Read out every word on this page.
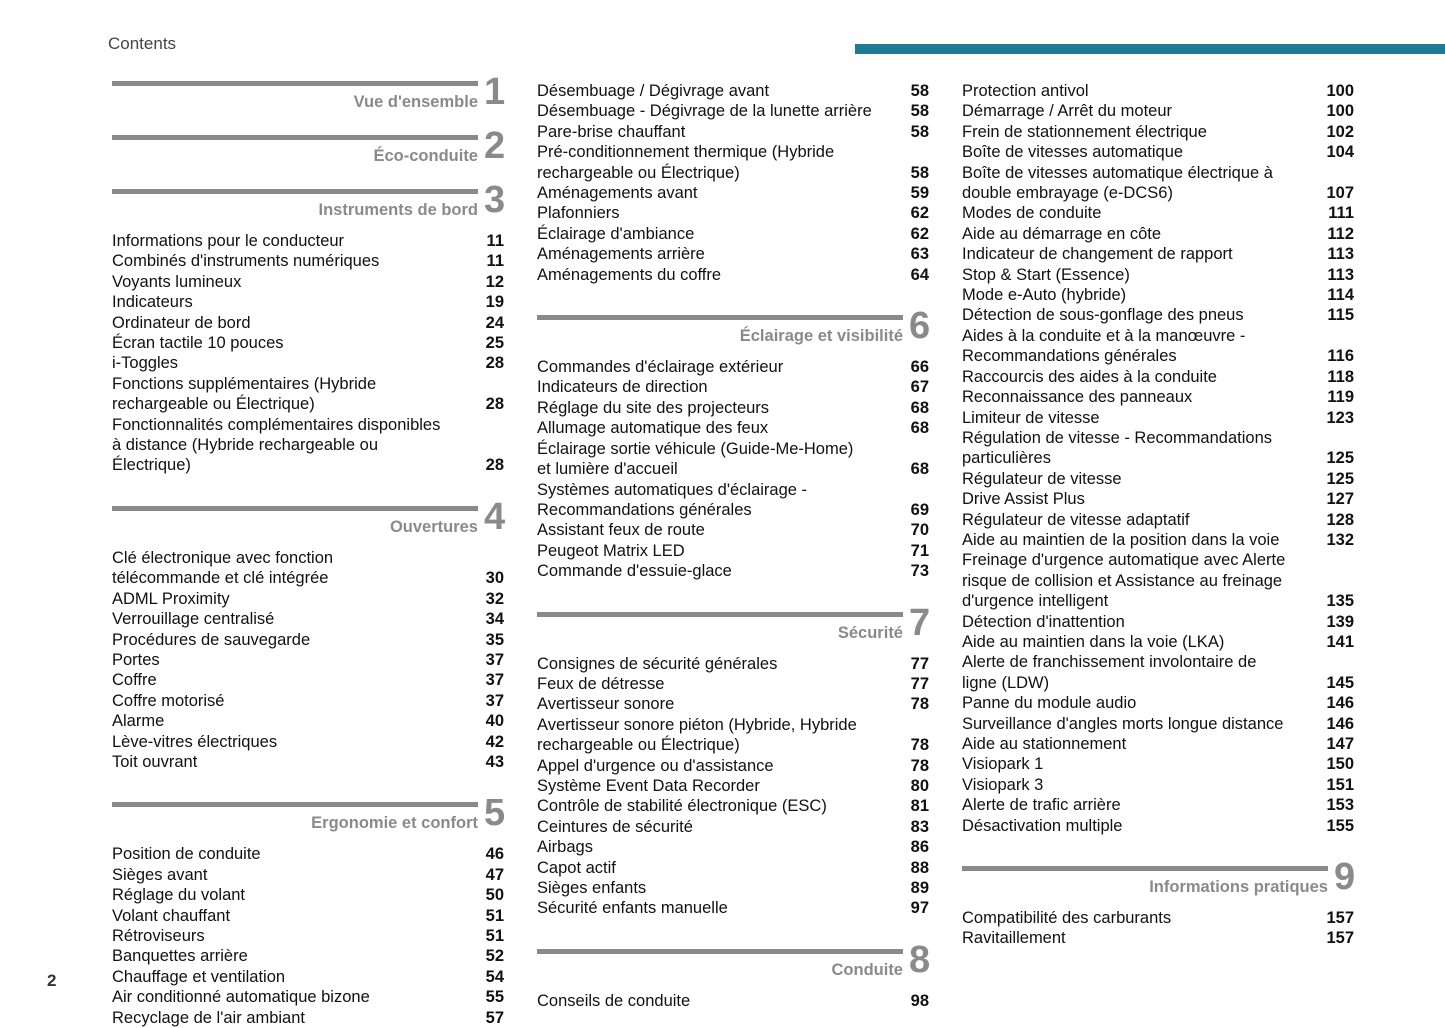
Contents
2
Vue d'ensemble 1
Éco-conduite 2
Instruments de bord 3
Informations pour le conducteur	11
Combinés d'instruments numériques	11
Voyants lumineux	12
Indicateurs	19
Ordinateur de bord	24
Écran tactile 10 pouces	25
i-Toggles	28
Fonctions supplémentaires (Hybride
rechargeable ou Électrique)	28
Fonctionnalités complémentaires disponibles
à distance (Hybride rechargeable ou Électrique)	28
Ouvertures 4
Clé électronique avec fonction
télécommande et clé intégrée	30
ADML Proximity	32
Verrouillage centralisé	34
Procédures de sauvegarde	35
Portes	37
Coffre	37
Coffre motorisé	37
Alarme	40
Lève-vitres électriques	42
Toit ouvrant	43
Ergonomie et confort 5
Position de conduite	46
Sièges avant	47
Réglage du volant	50
Volant chauffant	51
Rétroviseurs	51
Banquettes arrière	52
Chauffage et ventilation	54
Air conditionné automatique bizone	55
Recyclage de l'air ambiant	57
Désembuage / Dégivrage avant	58
Désembuage - Dégivrage de la lunette arrière	58
Pare-brise chauffant	58
Pré-conditionnement thermique (Hybride
rechargeable ou Électrique)	58
Aménagements avant	59
Plafonniers	62
Éclairage d'ambiance	62
Aménagements arrière	63
Aménagements du coffre	64
Éclairage et visibilité 6
Commandes d'éclairage extérieur	66
Indicateurs de direction	67
Réglage du site des projecteurs	68
Allumage automatique des feux	68
Éclairage sortie véhicule (Guide-Me-Home)
et lumière d'accueil	68
Systèmes automatiques d'éclairage -
Recommandations générales	69
Assistant feux de route	70
Peugeot Matrix LED	71
Commande d'essuie-glace	73
Sécurité 7
Consignes de sécurité générales	77
Feux de détresse	77
Avertisseur sonore	78
Avertisseur sonore piéton (Hybride, Hybride
rechargeable ou Électrique)	78
Appel d'urgence ou d'assistance	78
Système Event Data Recorder	80
Contrôle de stabilité électronique (ESC)	81
Ceintures de sécurité	83
Airbags	86
Capot actif	88
Sièges enfants	89
Sécurité enfants manuelle	97
Conduite 8
Conseils de conduite	98
Protection antivol	100
Démarrage / Arrêt du moteur	100
Frein de stationnement électrique	102
Boîte de vitesses automatique	104
Boîte de vitesses automatique électrique à
double embrayage (e-DCS6)	107
Modes de conduite	111
Aide au démarrage en côte	112
Indicateur de changement de rapport	113
Stop & Start (Essence)	113
Mode e-Auto (hybride)	114
Détection de sous-gonflage des pneus	115
Aides à la conduite et à la manœuvre -
Recommandations générales	116
Raccourcis des aides à la conduite	118
Reconnaissance des panneaux	119
Limiteur de vitesse	123
Régulation de vitesse - Recommandations
particulières	125
Régulateur de vitesse	125
Drive Assist Plus	127
Régulateur de vitesse adaptatif	128
Aide au maintien de la position dans la voie	132
Freinage d'urgence automatique avec Alerte
risque de collision et Assistance au freinage
d'urgence intelligent	135
Détection d'inattention	139
Aide au maintien dans la voie (LKA)	141
Alerte de franchissement involontaire de
ligne (LDW)	145
Panne du module audio	146
Surveillance d'angles morts longue distance	146
Aide au stationnement	147
Visiopark 1	150
Visiopark 3	151
Alerte de trafic arrière	153
Désactivation multiple	155
Informations pratiques 9
Compatibilité des carburants	157
Ravitaillement	157
